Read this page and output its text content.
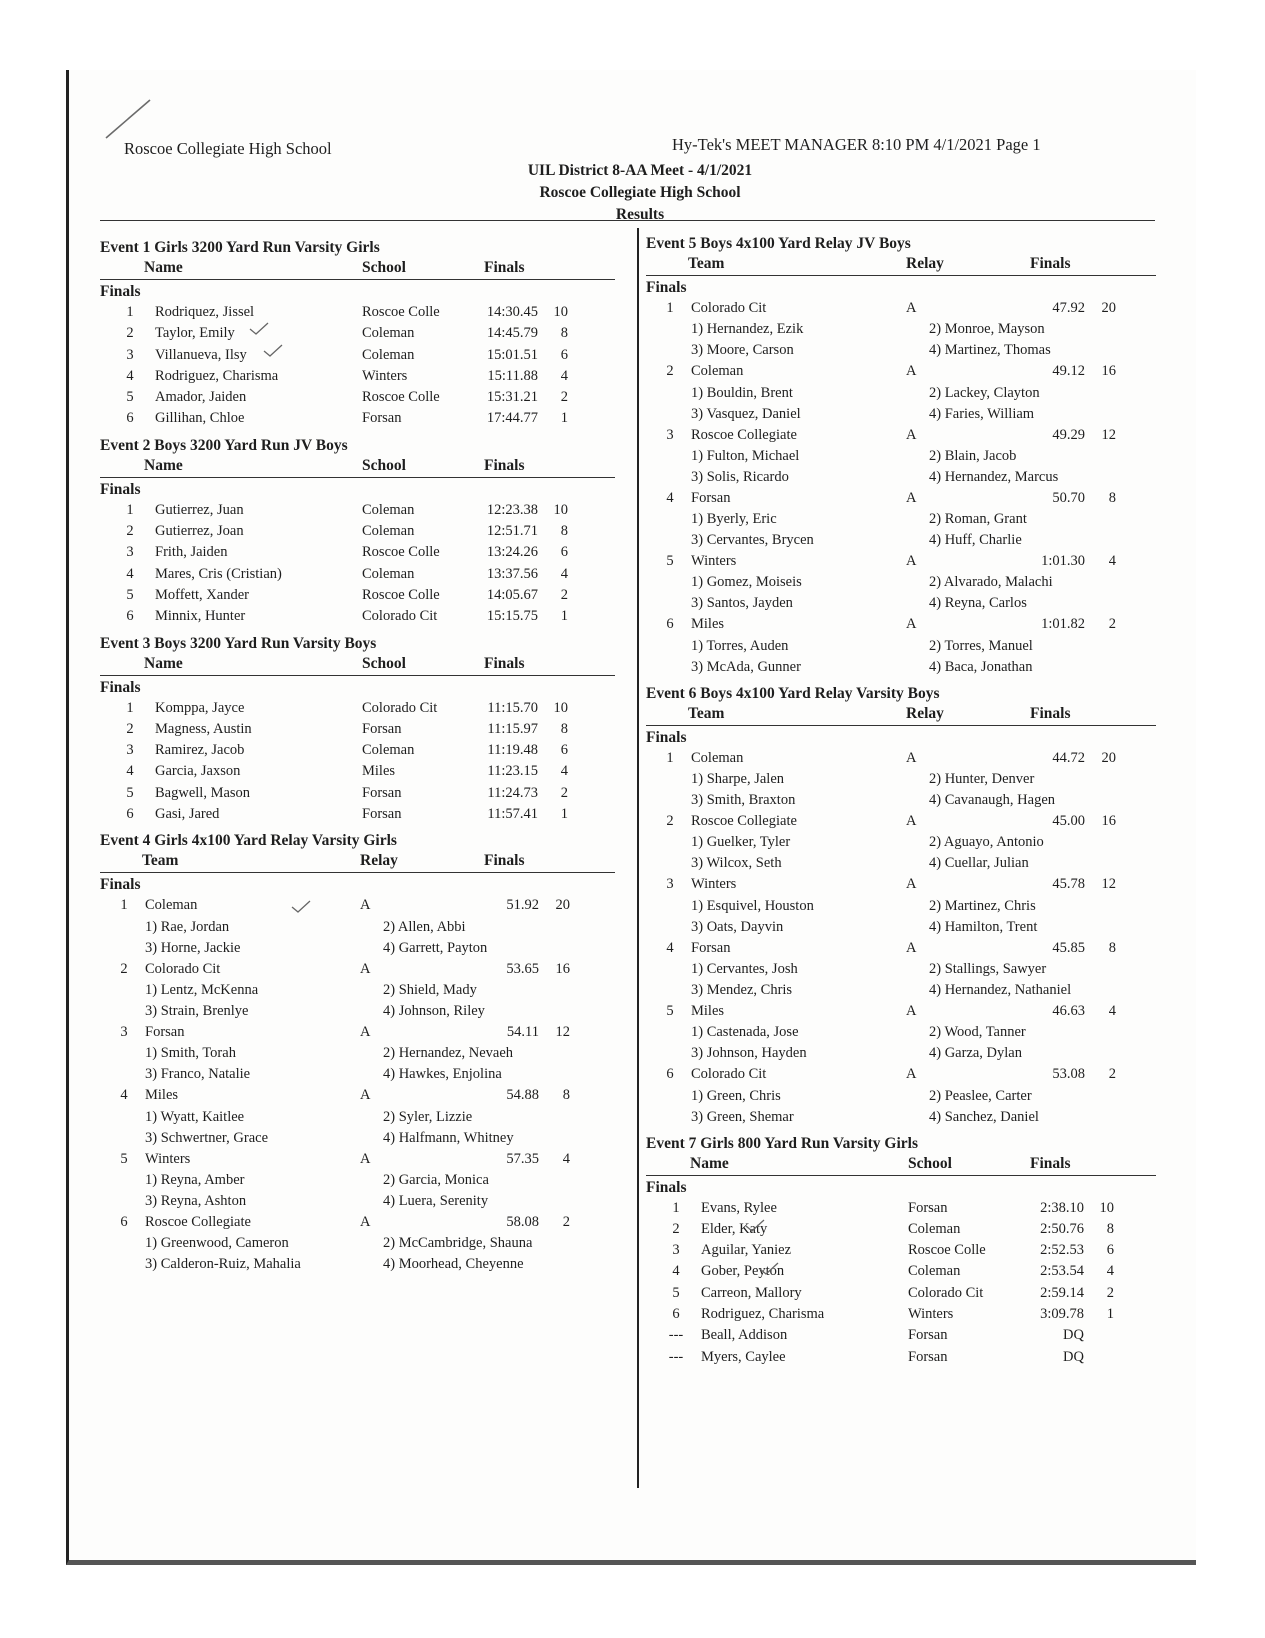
Roscoe Collegiate High School	Hy-Tek's MEET MANAGER 8:10 PM 4/1/2021 Page 1
UIL District 8-AA Meet - 4/1/2021
Roscoe Collegiate High School
Results
Event 1 Girls 3200 Yard Run Varsity Girls
Name	School	Finals
Finals
1	Rodriquez, Jissel	Roscoe Colle	14:30.45	10
2	Taylor, Emily	Coleman	14:45.79	8
3	Villanueva, Ilsy	Coleman	15:01.51	6
4	Rodriguez, Charisma	Winters	15:11.88	4
5	Amador, Jaiden	Roscoe Colle	15:31.21	2
6	Gillihan, Chloe	Forsan	17:44.77	1
Event 2 Boys 3200 Yard Run JV Boys
Name	School	Finals
Finals
1	Gutierrez, Juan	Coleman	12:23.38	10
2	Gutierrez, Joan	Coleman	12:51.71	8
3	Frith, Jaiden	Roscoe Colle	13:24.26	6
4	Mares, Cris (Cristian)	Coleman	13:37.56	4
5	Moffett, Xander	Roscoe Colle	14:05.67	2
6	Minnix, Hunter	Colorado Cit	15:15.75	1
Event 3 Boys 3200 Yard Run Varsity Boys
Name	School	Finals
Finals
1	Komppa, Jayce	Colorado Cit	11:15.70	10
2	Magness, Austin	Forsan	11:15.97	8
3	Ramirez, Jacob	Coleman	11:19.48	6
4	Garcia, Jaxson	Miles	11:23.15	4
5	Bagwell, Mason	Forsan	11:24.73	2
6	Gasi, Jared	Forsan	11:57.41	1
Event 4 Girls 4x100 Yard Relay Varsity Girls
Team	Relay	Finals
Finals
1	Coleman	A	51.92	20
1) Rae, Jordan	2) Allen, Abbi
3) Horne, Jackie	4) Garrett, Payton
2	Colorado Cit	A	53.65	16
1) Lentz, McKenna	2) Shield, Mady
3) Strain, Brenlye	4) Johnson, Riley
3	Forsan	A	54.11	12
1) Smith, Torah	2) Hernandez, Nevaeh
3) Franco, Natalie	4) Hawkes, Enjolina
4	Miles	A	54.88	8
1) Wyatt, Kaitlee	2) Syler, Lizzie
3) Schwertner, Grace	4) Halfmann, Whitney
5	Winters	A	57.35	4
1) Reyna, Amber	2) Garcia, Monica
3) Reyna, Ashton	4) Luera, Serenity
6	Roscoe Collegiate	A	58.08	2
1) Greenwood, Cameron	2) McCambridge, Shauna
3) Calderon-Ruiz, Mahalia	4) Moorhead, Cheyenne
Event 5 Boys 4x100 Yard Relay JV Boys
Team	Relay	Finals
Finals
1	Colorado Cit	A	47.92	20
1) Hernandez, Ezik	2) Monroe, Mayson
3) Moore, Carson	4) Martinez, Thomas
2	Coleman	A	49.12	16
1) Bouldin, Brent	2) Lackey, Clayton
3) Vasquez, Daniel	4) Faries, William
3	Roscoe Collegiate	A	49.29	12
1) Fulton, Michael	2) Blain, Jacob
3) Solis, Ricardo	4) Hernandez, Marcus
4	Forsan	A	50.70	8
1) Byerly, Eric	2) Roman, Grant
3) Cervantes, Brycen	4) Huff, Charlie
5	Winters	A	1:01.30	4
1) Gomez, Moiseis	2) Alvarado, Malachi
3) Santos, Jayden	4) Reyna, Carlos
6	Miles	A	1:01.82	2
1) Torres, Auden	2) Torres, Manuel
3) McAda, Gunner	4) Baca, Jonathan
Event 6 Boys 4x100 Yard Relay Varsity Boys
Team	Relay	Finals
Finals
1	Coleman	A	44.72	20
1) Sharpe, Jalen	2) Hunter, Denver
3) Smith, Braxton	4) Cavanaugh, Hagen
2	Roscoe Collegiate	A	45.00	16
1) Guelker, Tyler	2) Aguayo, Antonio
3) Wilcox, Seth	4) Cuellar, Julian
3	Winters	A	45.78	12
1) Esquivel, Houston	2) Martinez, Chris
3) Oats, Dayvin	4) Hamilton, Trent
4	Forsan	A	45.85	8
1) Cervantes, Josh	2) Stallings, Sawyer
3) Mendez, Chris	4) Hernandez, Nathaniel
5	Miles	A	46.63	4
1) Castenada, Jose	2) Wood, Tanner
3) Johnson, Hayden	4) Garza, Dylan
6	Colorado Cit	A	53.08	2
1) Green, Chris	2) Peaslee, Carter
3) Green, Shemar	4) Sanchez, Daniel
Event 7 Girls 800 Yard Run Varsity Girls
Name	School	Finals
Finals
1	Evans, Rylee	Forsan	2:38.10	10
2	Elder, Katy	Coleman	2:50.76	8
3	Aguilar, Yaniez	Roscoe Colle	2:52.53	6
4	Gober, Peyton	Coleman	2:53.54	4
5	Carreon, Mallory	Colorado Cit	2:59.14	2
6	Rodriguez, Charisma	Winters	3:09.78	1
---	Beall, Addison	Forsan	DQ
---	Myers, Caylee	Forsan	DQ
